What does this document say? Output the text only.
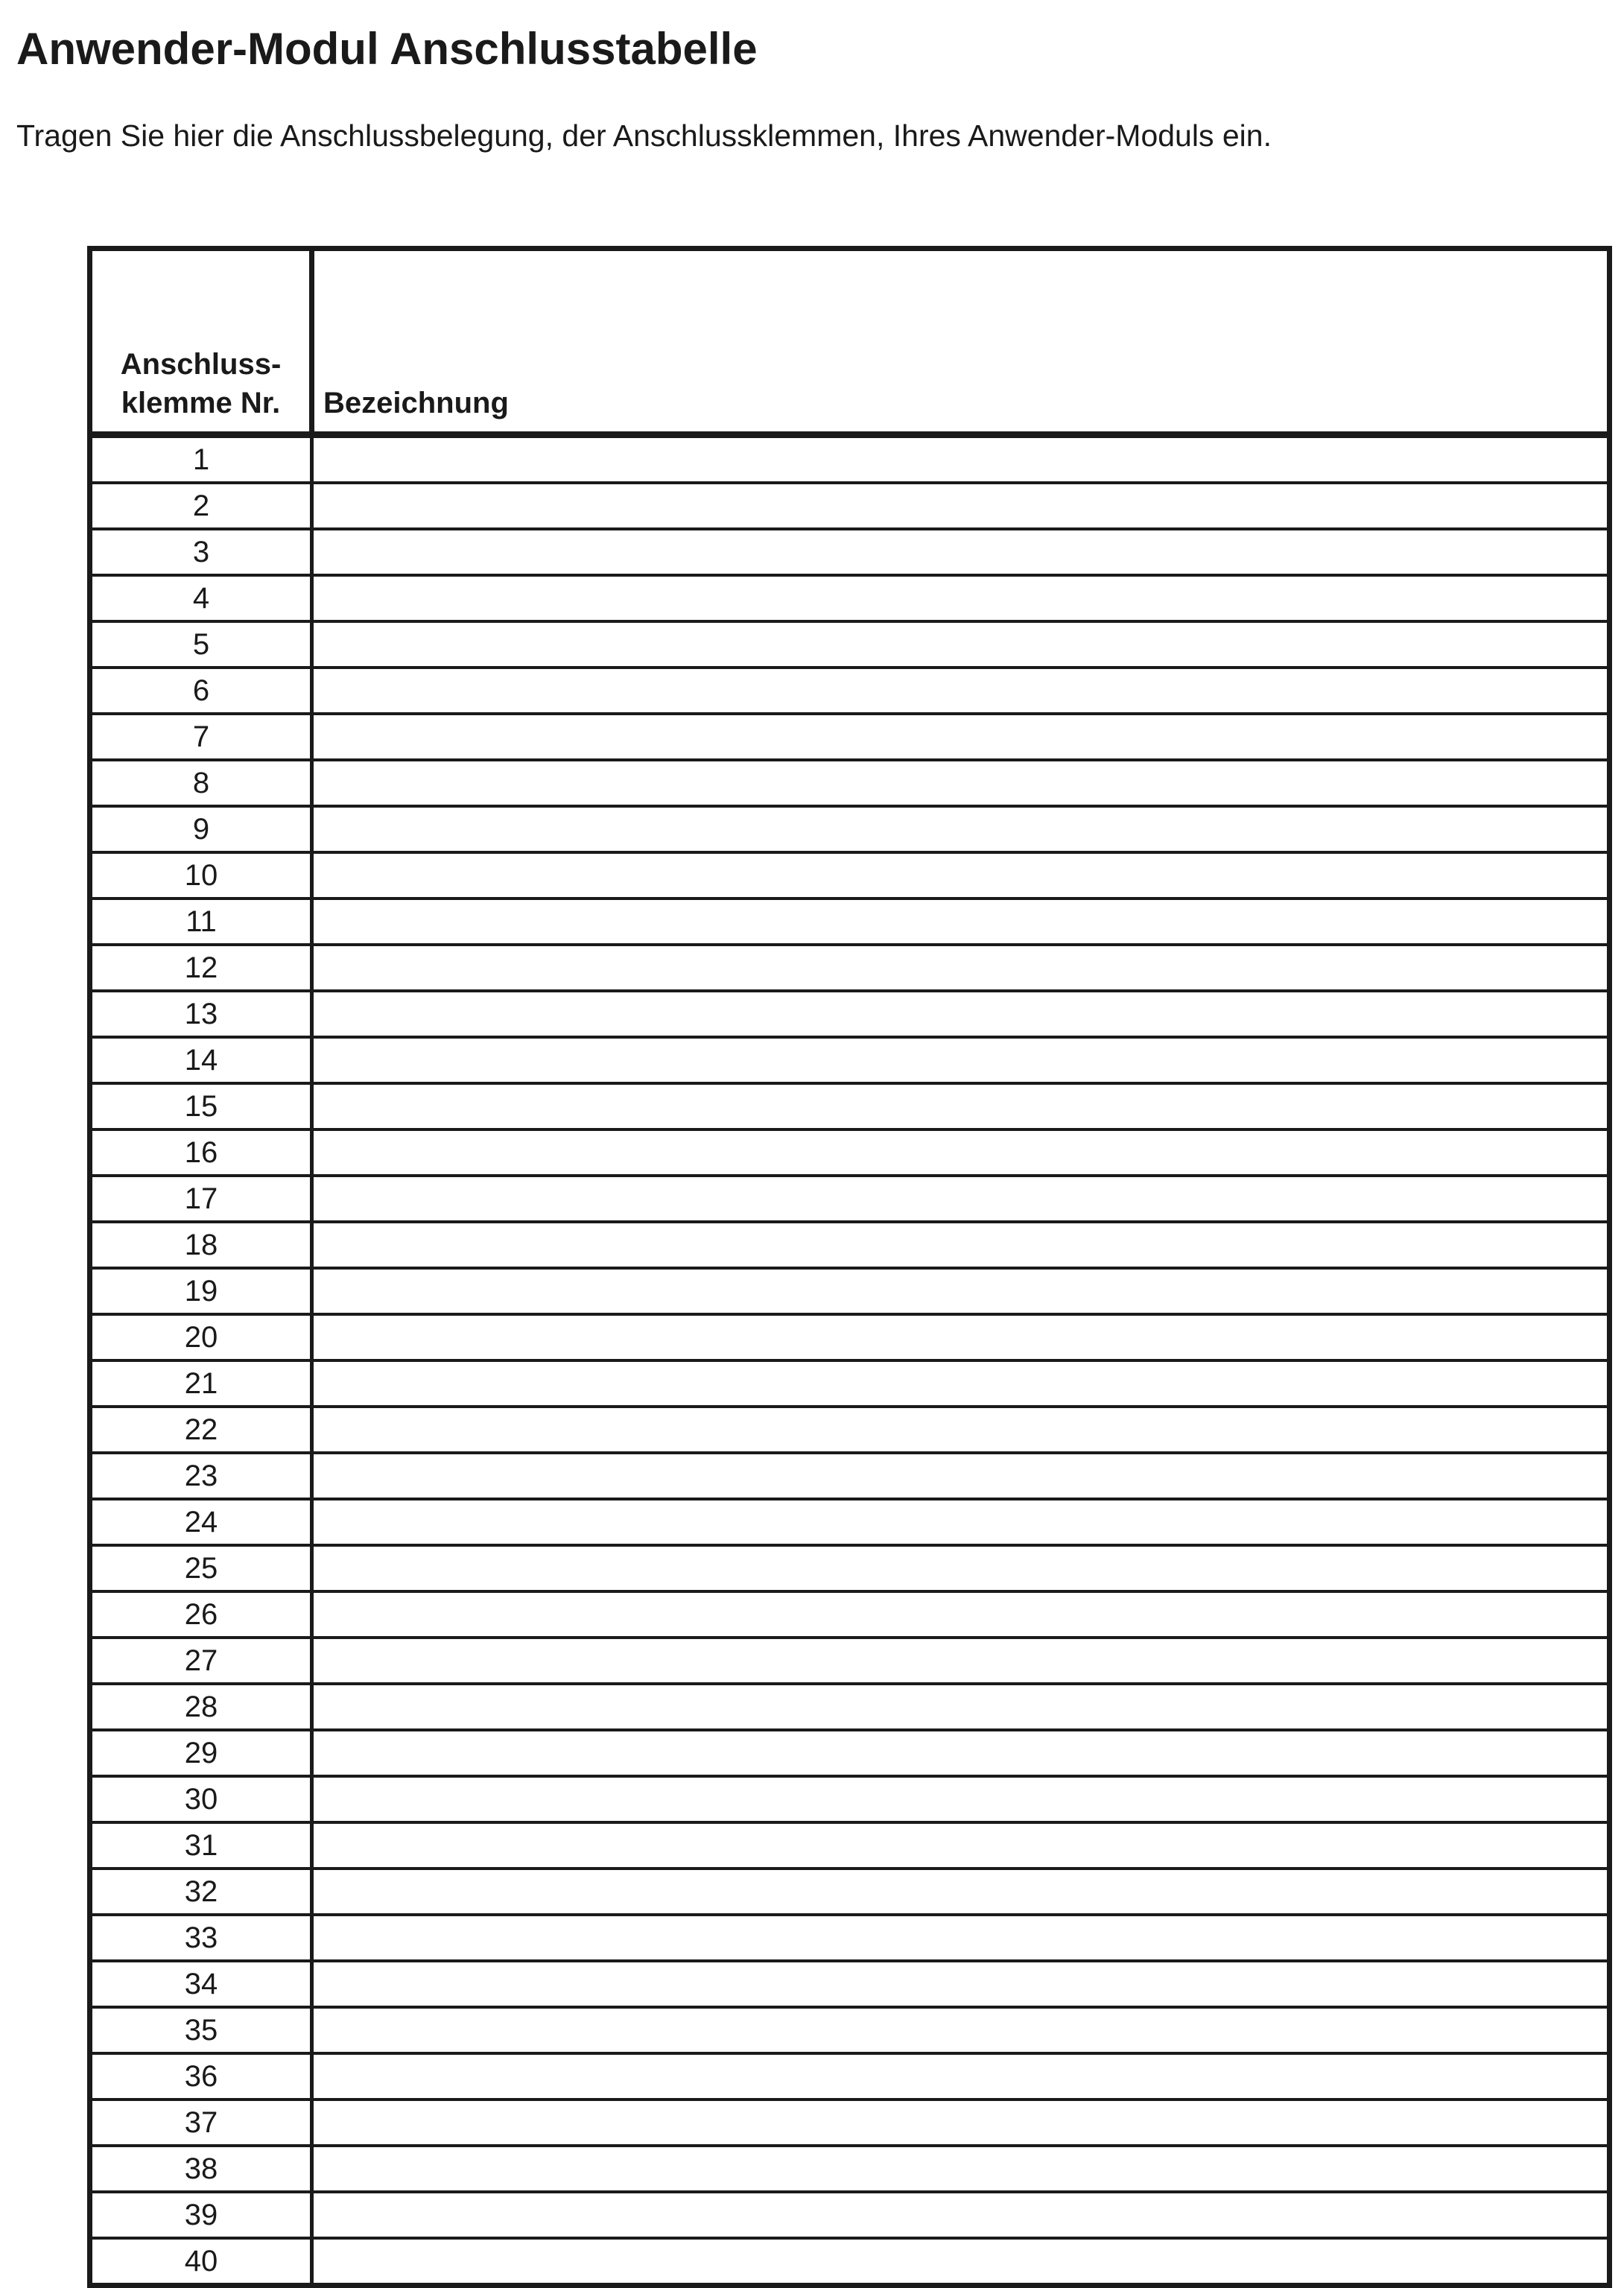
Anwender-Modul Anschlusstabelle

Tragen Sie hier die Anschlussbelegung, der Anschlussklemmen, Ihres Anwender-Moduls ein.

Anschluss-
klemme Nr.	Bezeichnung
1	
2	
3	
4	
5	
6	
7	
8	
9	
10	
11	
12	
13	
14	
15	
16	
17	
18	
19	
20	
21	
22	
23	
24	
25	
26	
27	
28	
29	
30	
31	
32	
33	
34	
35	
36	
37	
38	
39	
40	
